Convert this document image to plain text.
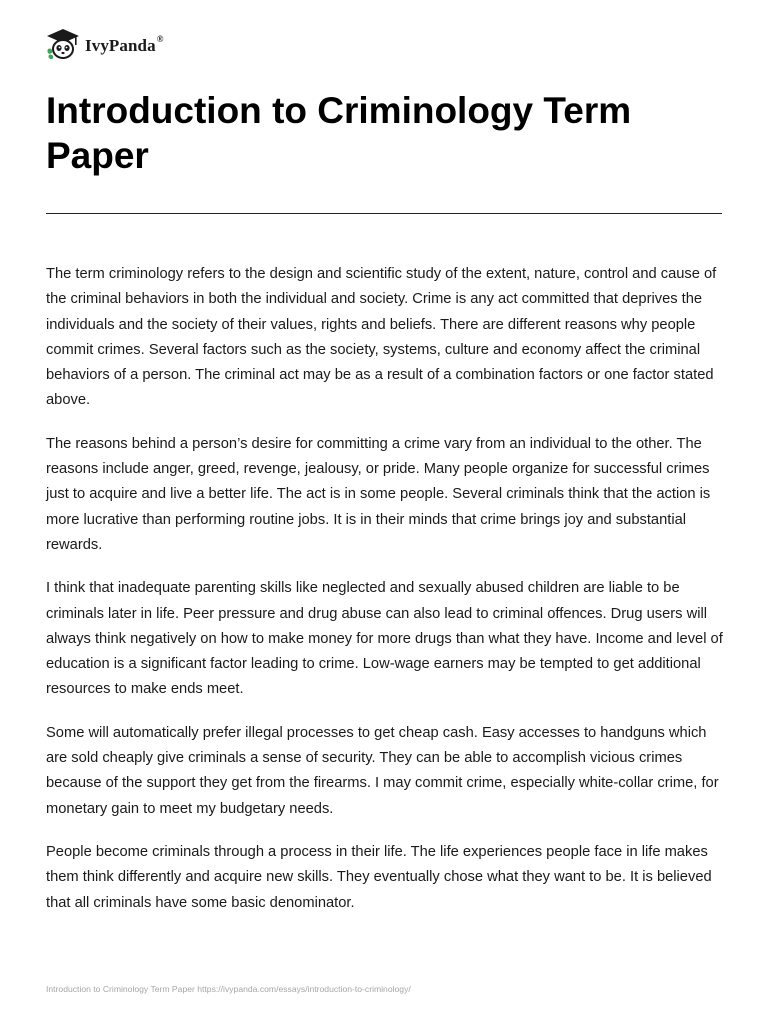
IvyPanda®
Introduction to Criminology Term Paper

The term criminology refers to the design and scientific study of the extent, nature, control and cause of the criminal behaviors in both the individual and society. Crime is any act committed that deprives the individuals and the society of their values, rights and beliefs. There are different reasons why people commit crimes. Several factors such as the society, systems, culture and economy affect the criminal behaviors of a person. The criminal act may be as a result of a combination factors or one factor stated above.

The reasons behind a person’s desire for committing a crime vary from an individual to the other. The reasons include anger, greed, revenge, jealousy, or pride. Many people organize for successful crimes just to acquire and live a better life. The act is in some people. Several criminals think that the action is more lucrative than performing routine jobs. It is in their minds that crime brings joy and substantial rewards.

I think that inadequate parenting skills like neglected and sexually abused children are liable to be criminals later in life. Peer pressure and drug abuse can also lead to criminal offences. Drug users will always think negatively on how to make money for more drugs than what they have. Income and level of education is a significant factor leading to crime. Low-wage earners may be tempted to get additional resources to make ends meet.

Some will automatically prefer illegal processes to get cheap cash. Easy accesses to handguns which are sold cheaply give criminals a sense of security. They can be able to accomplish vicious crimes because of the support they get from the firearms. I may commit crime, especially white-collar crime, for monetary gain to meet my budgetary needs.

People become criminals through a process in their life. The life experiences people face in life makes them think differently and acquire new skills. They eventually chose what they want to be. It is believed that all criminals have some basic denominator.

Introduction to Criminology Term Paper https://ivypanda.com/essays/introduction-to-criminology/
